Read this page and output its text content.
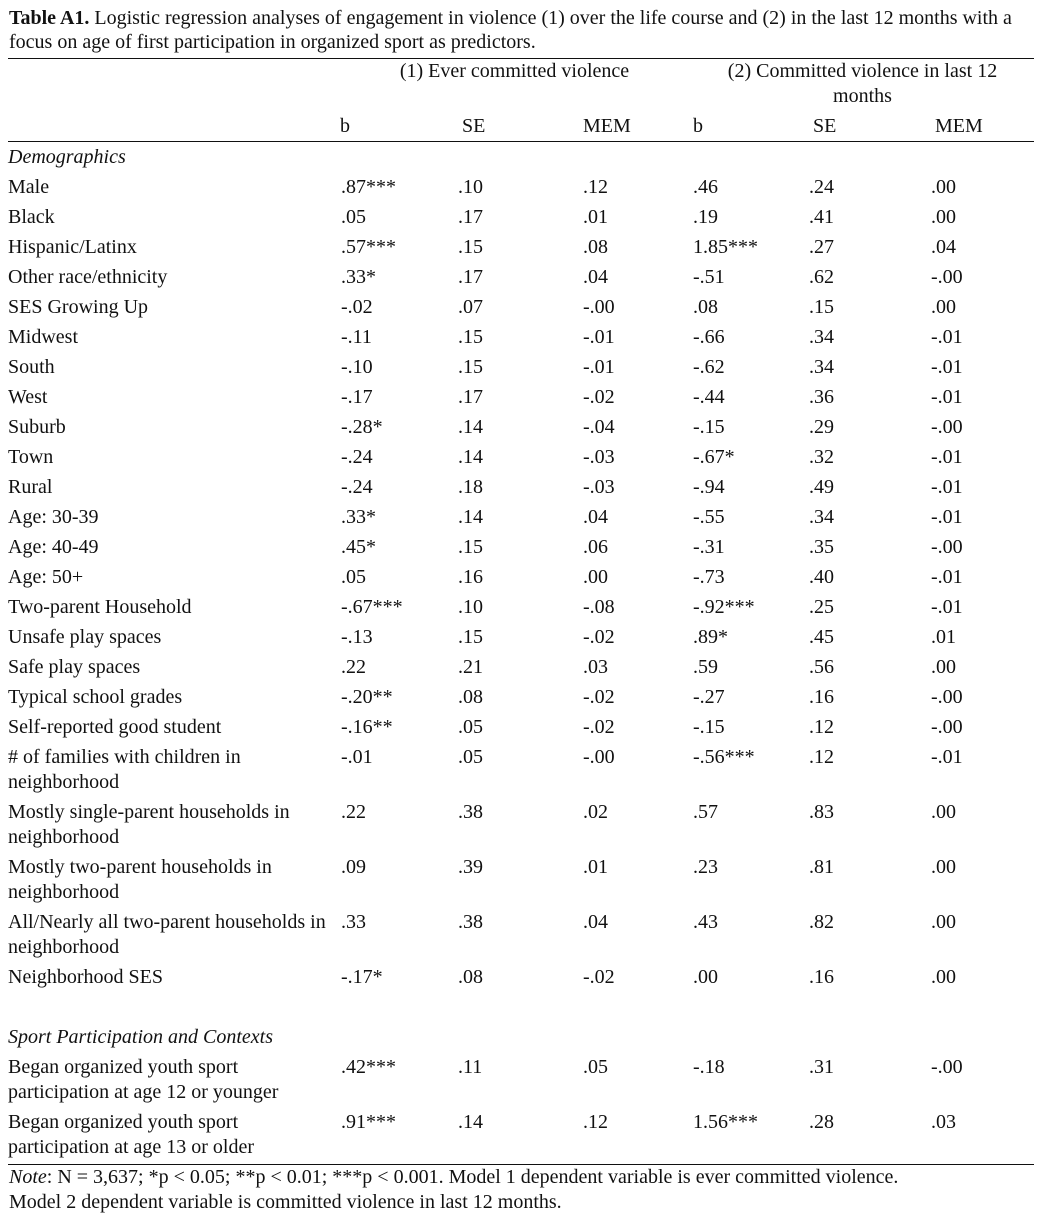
Table A1. Logistic regression analyses of engagement in violence (1) over the life course and (2) in the last 12 months with a focus on age of first participation in organized sport as predictors.

	(1) Ever committed violence			(2) Committed violence in last 12
months		

	b	SE	MEM	b	SE	MEM
Demographics						
Male	.87***	.10	.12	.46	.24	.00
Black	.05	.17	.01	.19	.41	.00
Hispanic/Latinx	.57***	.15	.08	1.85***	.27	.04
Other race/ethnicity	.33*	.17	.04	-.51	.62	-.00
SES Growing Up	-.02	.07	-.00	.08	.15	.00
Midwest	-.11	.15	-.01	-.66	.34	-.01
South	-.10	.15	-.01	-.62	.34	-.01
West	-.17	.17	-.02	-.44	.36	-.01
Suburb	-.28*	.14	-.04	-.15	.29	-.00
Town	-.24	.14	-.03	-.67*	.32	-.01
Rural	-.24	.18	-.03	-.94	.49	-.01
Age: 30-39	.33*	.14	.04	-.55	.34	-.01
Age: 40-49	.45*	.15	.06	-.31	.35	-.00
Age: 50+	.05	.16	.00	-.73	.40	-.01
Two-parent Household	-.67***	.10	-.08	-.92***	.25	-.01
Unsafe play spaces	-.13	.15	-.02	.89*	.45	.01
Safe play spaces	.22	.21	.03	.59	.56	.00
Typical school grades	-.20**	.08	-.02	-.27	.16	-.00
Self-reported good student	-.16**	.05	-.02	-.15	.12	-.00
# of families with children in neighborhood	-.01	.05	-.00	-.56***	.12	-.01
Mostly single-parent households in neighborhood	.22	.38	.02	.57	.83	.00
Mostly two-parent households in neighborhood	.09	.39	.01	.23	.81	.00
All/Nearly all two-parent households in neighborhood	.33	.38	.04	.43	.82	.00
Neighborhood SES	-.17*	.08	-.02	.00	.16	.00

Sport Participation and Contexts						
Began organized youth sport participation at age 12 or younger	.42***	.11	.05	-.18	.31	-.00
Began organized youth sport participation at age 13 or older	.91***	.14	.12	1.56***	.28	.03
Note: N = 3,637; *p < 0.05; **p < 0.01; ***p < 0.001. Model 1 dependent variable is ever committed violence.
Model 2 dependent variable is committed violence in last 12 months.
